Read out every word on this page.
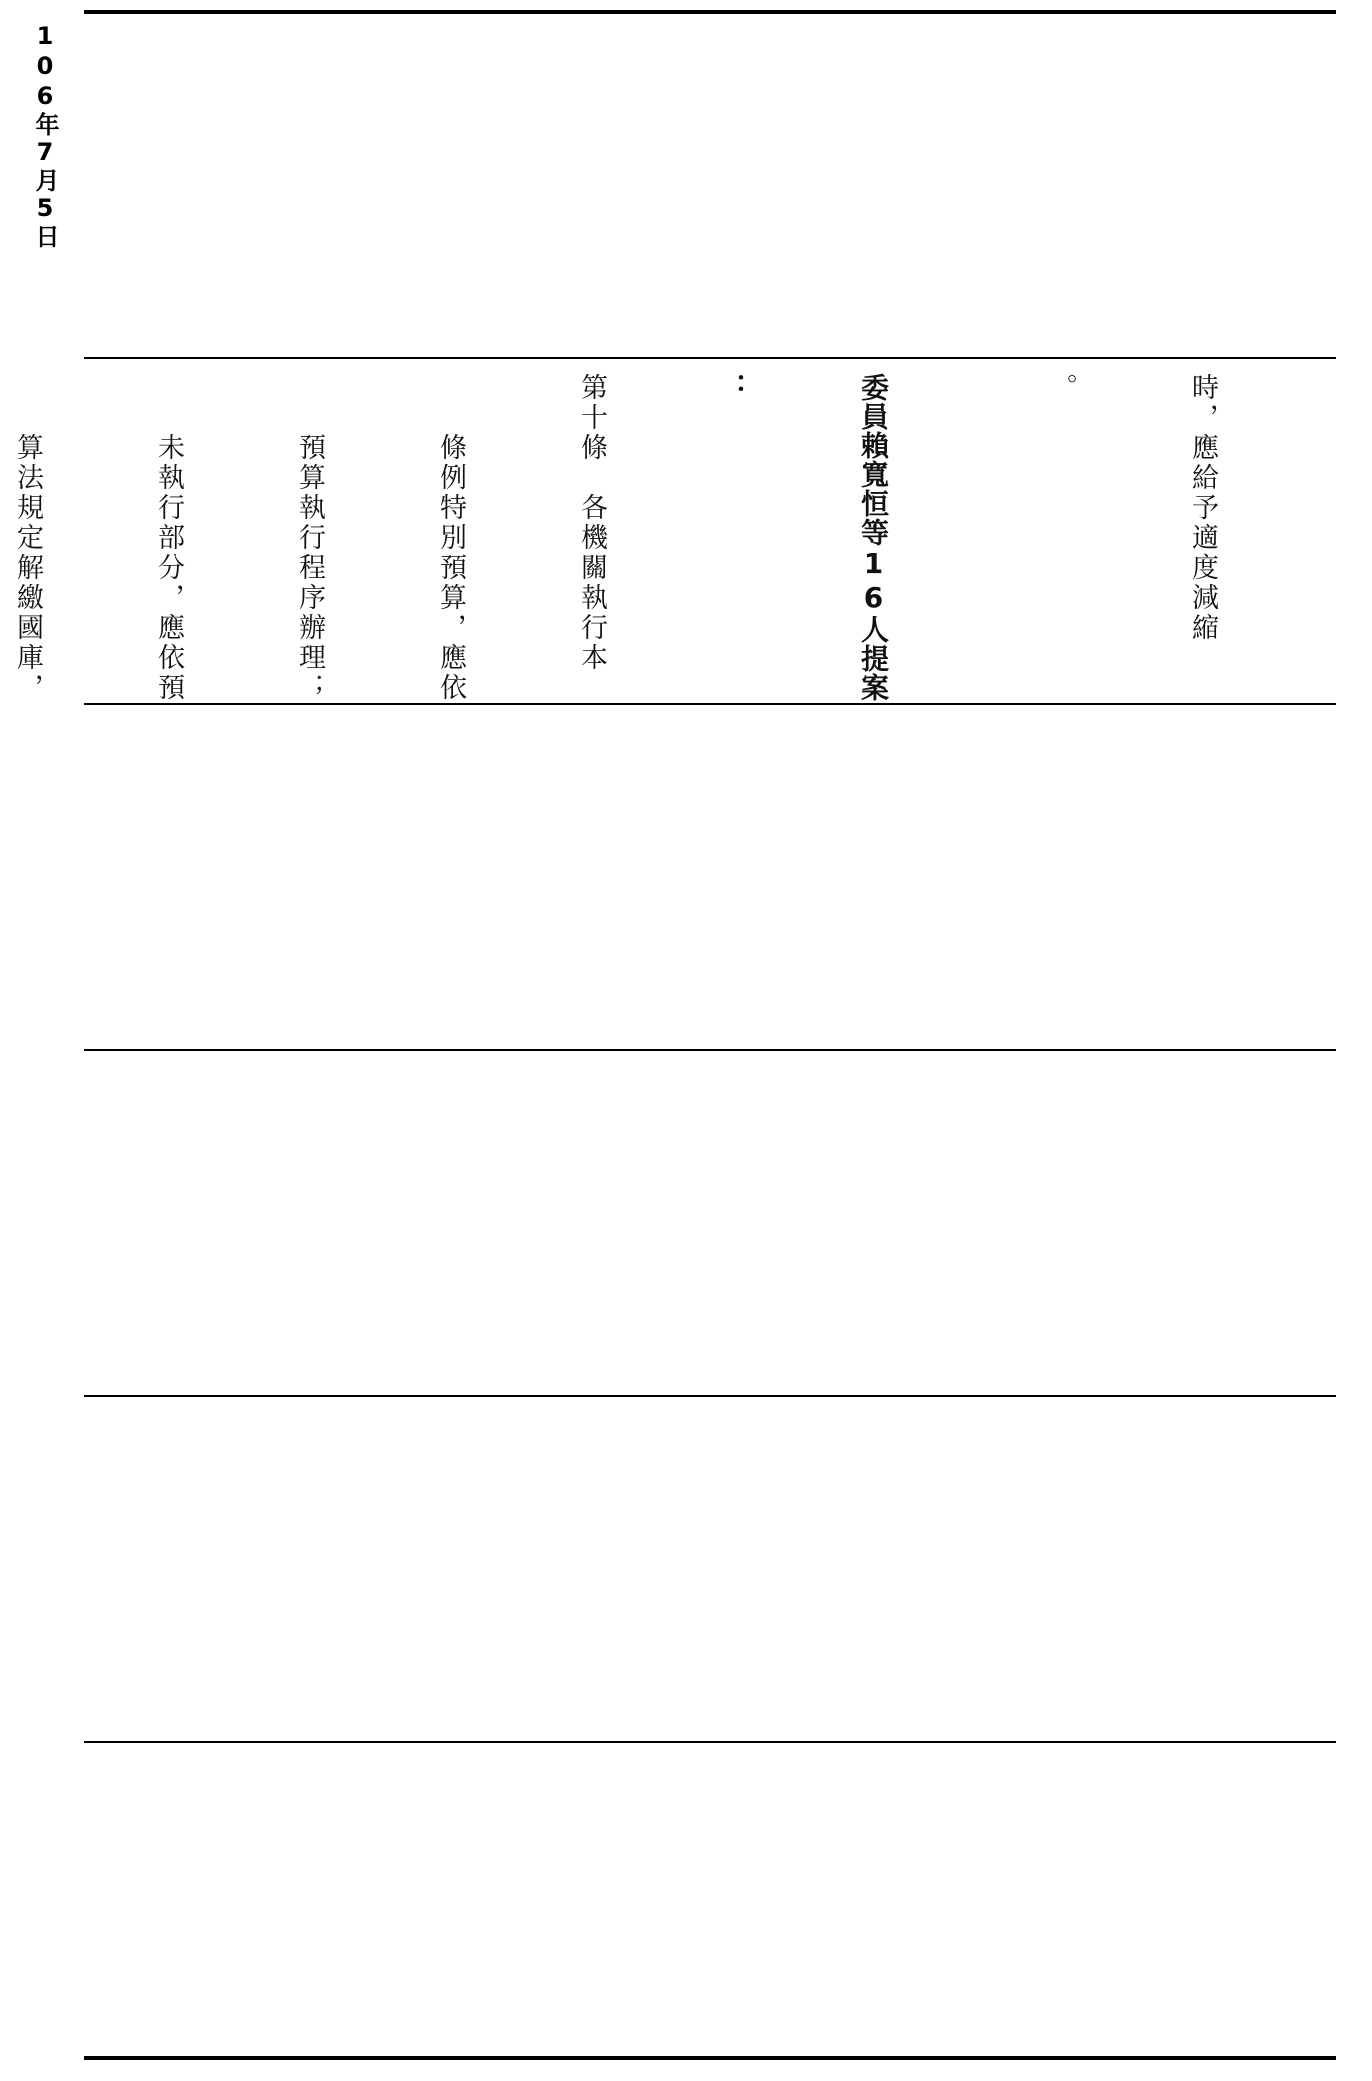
106年7月5日

時，應給予適度減縮

。

委員賴寬恒等16人提案

：

第十條　各機關執行本

　　條例特別預算，應依

　　預算執行程序辦理；

　　未執行部分，應依預

　　算法規定解繳國庫，
